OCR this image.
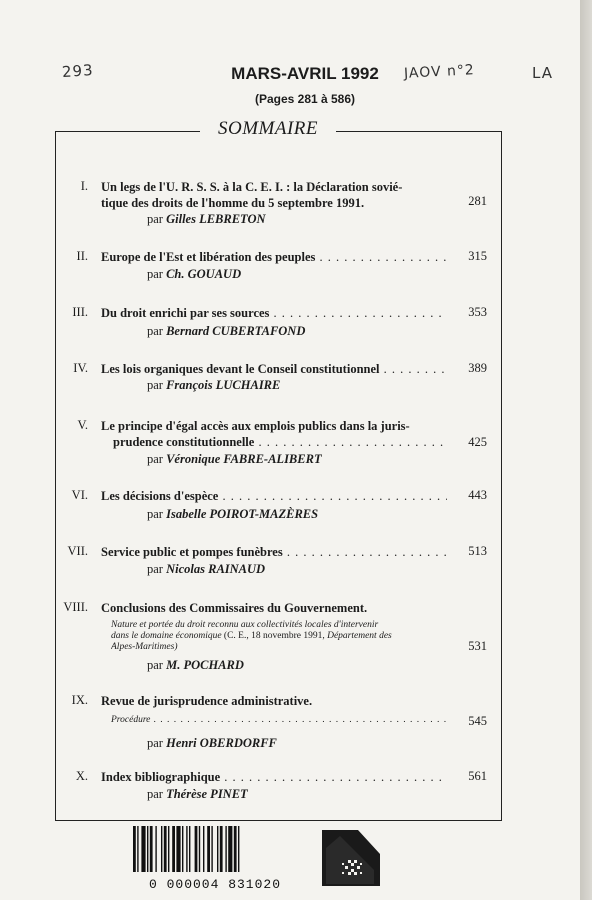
293	JAOV n°2	LA
MARS-AVRIL 1992
(Pages 281 à 586)
SOMMAIRE
I. Un legs de l'U. R. S. S. à la C. E. I. : la Déclaration sovié-
tique des droits de l'homme du 5 septembre 1991.	281
par Gilles LEBRETON
II. Europe de l'Est et libération des peuples . . .	315
par Ch. GOUAUD
III. Du droit enrichi par ses sources . . .	353
par Bernard CUBERTAFOND
IV. Les lois organiques devant le Conseil constitutionnel . . .	389
par François LUCHAIRE
V. Le principe d'égal accès aux emplois publics dans la juris-
prudence constitutionnelle . . .	425
par Véronique FABRE-ALIBERT
VI. Les décisions d'espèce . . .	443
par Isabelle POIROT-MAZÈRES
VII. Service public et pompes funèbres . . .	513
par Nicolas RAINAUD
VIII. Conclusions des Commissaires du Gouvernement.
Nature et portée du droit reconnu aux collectivités locales d'intervenir
dans le domaine économique (C. E., 18 novembre 1991, Département des
Alpes-Maritimes)	531
par M. POCHARD
IX. Revue de jurisprudence administrative.
Procédure . . .	545
par Henri OBERDORFF
X. Index bibliographique . . .	561
par Thérèse PINET
0 000004 831020
